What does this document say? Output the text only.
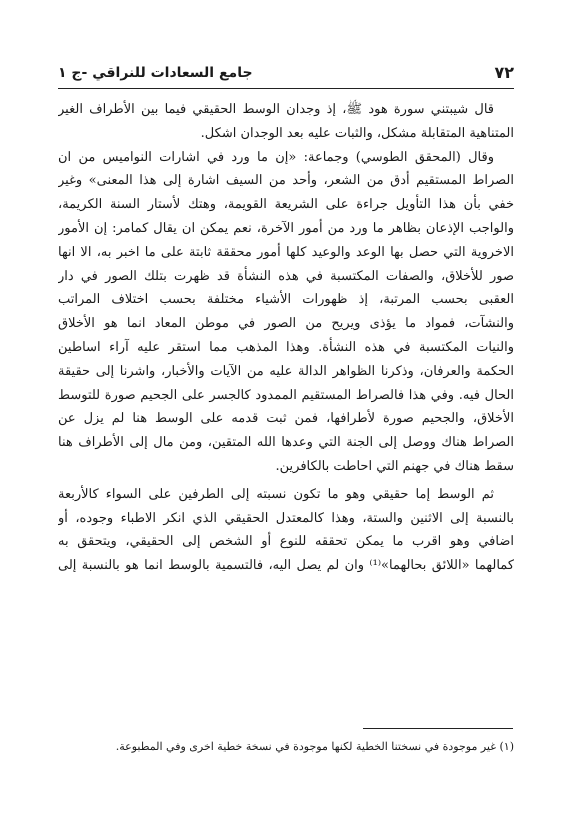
جامع السعادات للنراقي -ج ١	٧٢
قال شيبتني سورة هود ﷺ، إذ وجدان الوسط الحقيقي فيما بين الأطراف الغير
المتناهية المتقابلة مشكل، والثبات عليه بعد الوجدان اشكل.
وقال (المحقق الطوسي) وجماعة: «إن ما ورد في اشارات النواميس من ان
الصراط المستقيم أدق من الشعر، وأحد من السيف اشارة إلى هذا المعنى» وغير
خفي بأن هذا التأويل جراءة على الشريعة القويمة، وهتك لأستار السنة الكريمة،
والواجب الإذعان بظاهر ما ورد من أمور الآخرة، نعم يمكن ان يقال كمامر: إن الأمور
الاخروية التي حصل بها الوعد والوعيد كلها أمور محققة ثابتة على ما اخبر به، الا انها
صور للأخلاق، والصفات المكتسبة في هذه النشأة قد ظهرت بتلك الصور في دار
العقبى بحسب المرتبة، إذ ظهورات الأشياء مختلفة بحسب اختلاف المراتب
والنشآت، فمواد ما يؤذى ويريح من الصور في موطن المعاد انما هو الأخلاق
والنيات المكتسبة في هذه النشأة. وهذا المذهب مما استقر عليه آراء اساطين
الحكمة والعرفان، وذكرنا الظواهر الدالة عليه من الآيات والأخبار، واشرنا إلى حقيقة
الحال فيه. وفي هذا فالصراط المستقيم الممدود كالجسر على الجحيم صورة للتوسط
الأخلاق، والجحيم صورة لأطرافها، فمن ثبت قدمه على الوسط هنا لم يزل عن
الصراط هناك ووصل إلى الجنة التي وعدها الله المتقين، ومن مال إلى الأطراف هنا
سقط هناك في جهنم التي احاطت بالكافرين.
ثم الوسط إما حقيقي وهو ما تكون نسبته إلى الطرفين على السواء كالأربعة
بالنسبة إلى الاثنين والستة، وهذا كالمعتدل الحقيقي الذي انكر الاطباء وجوده، أو
اضافي وهو اقرب ما يمكن تحققه للنوع أو الشخص إلى الحقيقي، ويتحقق به
كمالهما «اللائق بحالهما»⁽¹⁾ وان لم يصل اليه، فالتسمية بالوسط انما هو بالنسبة إلى
(١) غير موجودة في نسختنا الخطية لكنها موجودة في نسخة خطية اخرى وفي المطبوعة.
